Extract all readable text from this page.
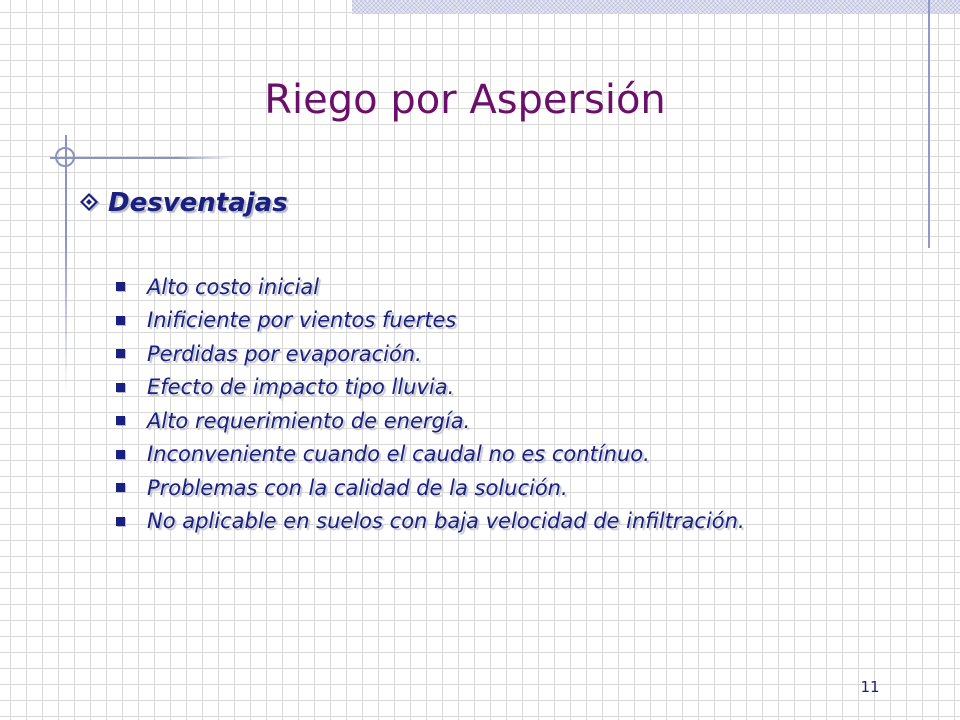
Riego por Aspersión
Desventajas
Alto costo inicial
Inificiente por vientos fuertes
Perdidas por evaporación.
Efecto de impacto tipo lluvia.
Alto requerimiento de energía.
Inconveniente cuando el caudal no es contínuo.
Problemas con la calidad de la solución.
No aplicable en suelos con baja velocidad de infiltración.
11
